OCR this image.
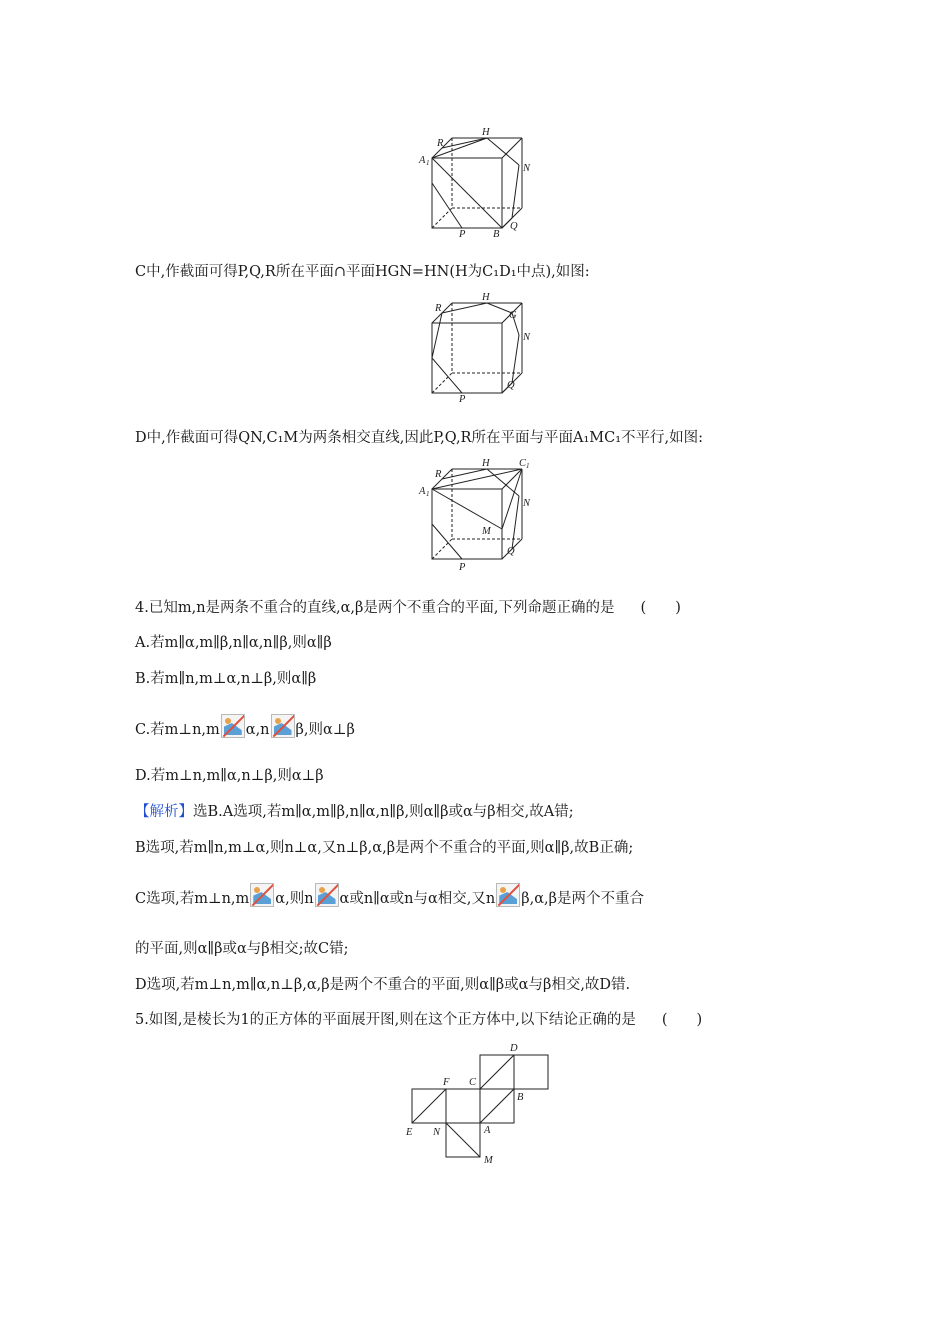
R
H
A 1	N
P	B
Q
C中,作截面可得P,Q,R所在平面∩平面HGN=HN(H为C₁D₁中点),如图:
R
H
G
N
P
Q
D中,作截面可得QN,C₁M为两条相交直线,因此P,Q,R所在平面与平面A₁MC₁不平行,如图:
R
H	C 1
A 1
N
M
P
Q
4.已知m,n是两条不重合的直线,α,β是两个不重合的平面,下列命题正确的是 (　　)
A.若m∥α,m∥β,n∥α,n∥β,则α∥β
B.若m∥n,m⊥α,n⊥β,则α∥β
C.若m⊥n,m α,n β,则α⊥β
D.若m⊥n,m∥α,n⊥β,则α⊥β
【解析】选B.A选项,若m∥α,m∥β,n∥α,n∥β,则α∥β或α与β相交,故A错;
B选项,若m∥n,m⊥α,则n⊥α,又n⊥β,α,β是两个不重合的平面,则α∥β,故B正确;
C选项,若m⊥n,m α,则n α或n∥α或n与α相交,又n β,α,β是两个不重合
的平面,则α∥β或α与β相交;故C错;
D选项,若m⊥n,m∥α,n⊥β,α,β是两个不重合的平面,则α∥β或α与β相交,故D错.
5.如图,是棱长为1的正方体的平面展开图,则在这个正方体中,以下结论正确的是 (　　)
D
F C
B
E N	A
M
